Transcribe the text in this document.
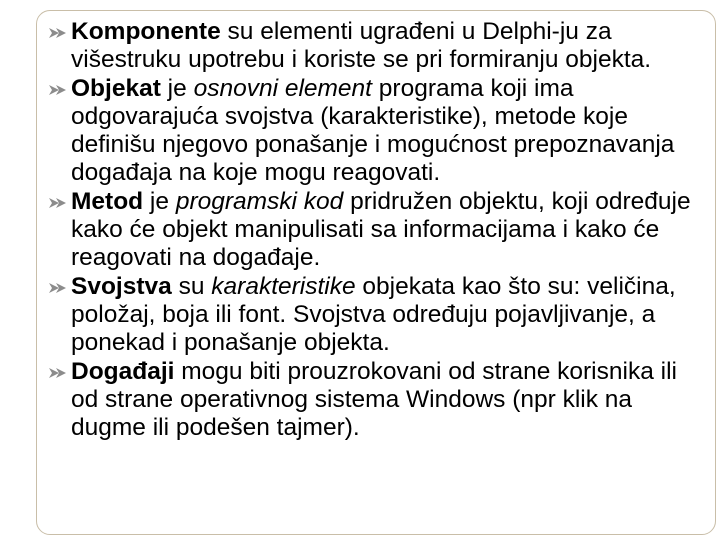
Komponente su elementi ugrađeni u Delphi-ju za višestruku upotrebu i koriste se pri formiranju objekta.
Objekat je osnovni element programa koji ima odgovarajuća svojstva (karakteristike), metode koje definišu njegovo ponašanje i mogućnost prepoznavanja događaja na koje mogu reagovati.
Metod je programski kod pridružen objektu, koji određuje kako će objekt manipulisati sa informacijama i kako će reagovati na događaje.
Svojstva su karakteristike objekata kao što su: veličina, položaj, boja ili font. Svojstva određuju pojavljivanje, a ponekad i ponašanje objekta.
Događaji mogu biti prouzrokovani od strane korisnika ili od strane operativnog sistema Windows (npr klik na dugme ili podešen tajmer).
